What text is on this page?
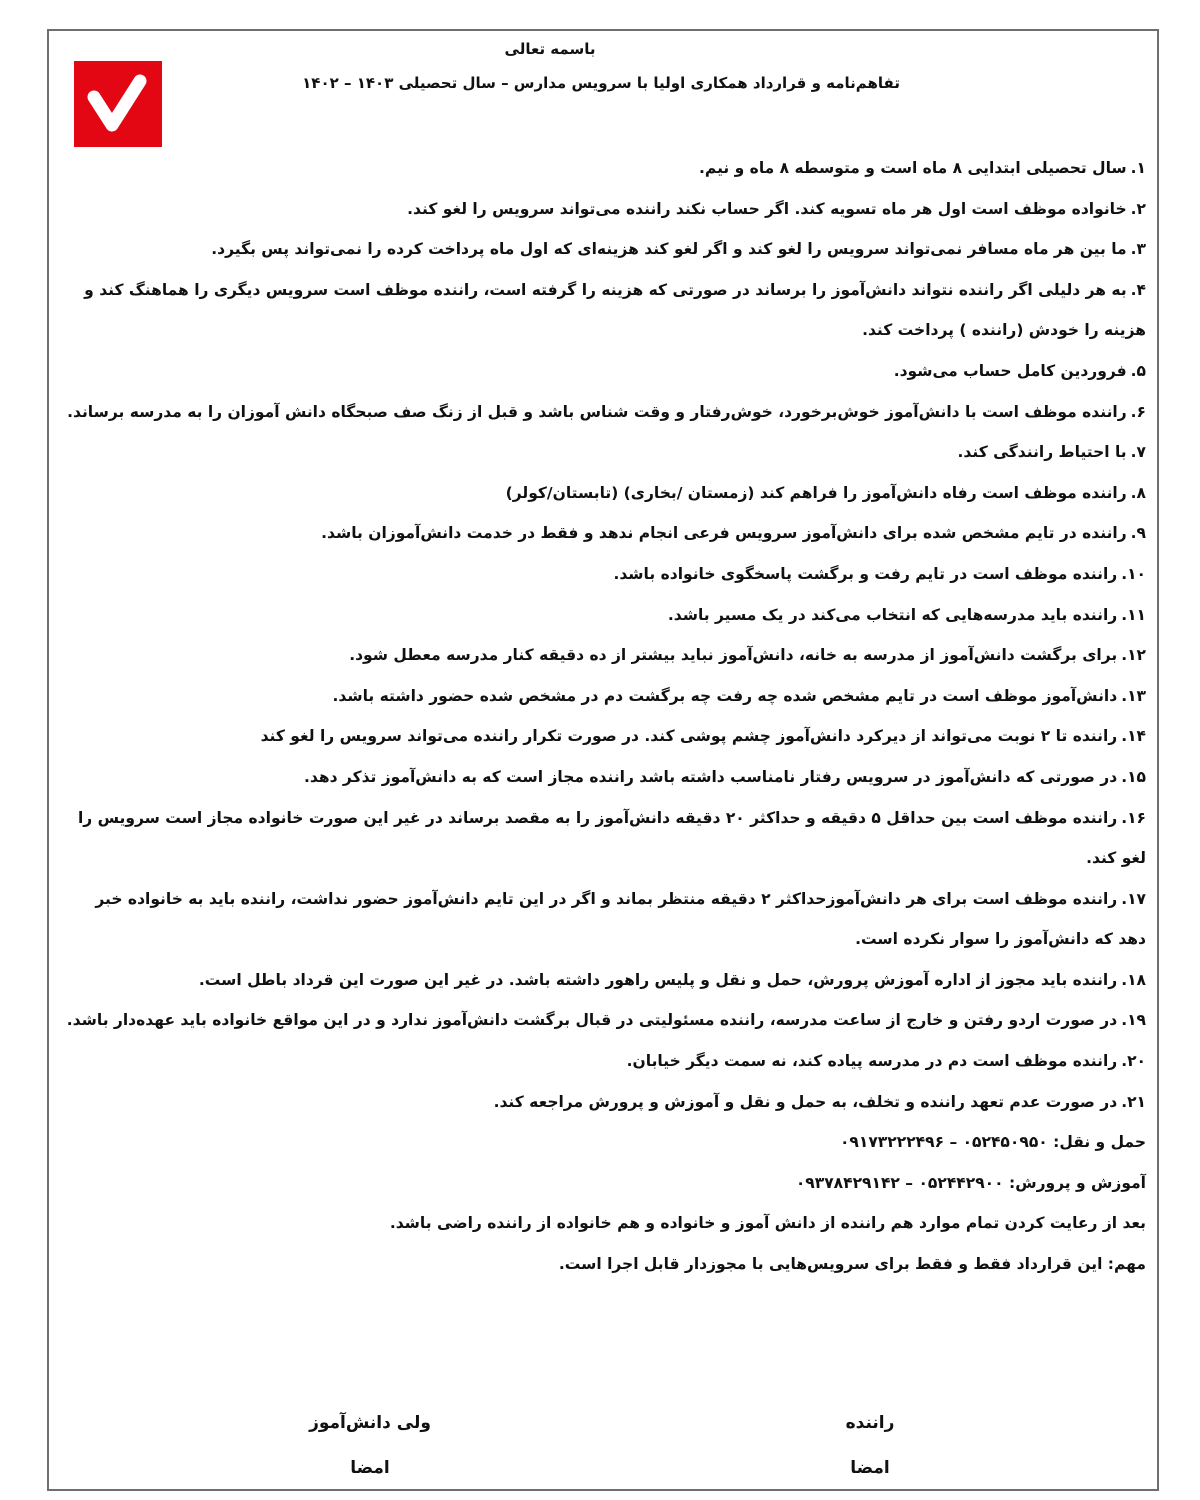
باسمه تعالی
تفاهم‌نامه و قرارداد همکاری اولیا با سرویس مدارس – سال تحصیلی ۱۴۰۳ – ۱۴۰۲

۱.سال تحصیلی ابتدایی ۸ ماه است و متوسطه ۸ ماه و نیم.

۲.خانواده موظف است اول هر ماه تسویه کند. اگر حساب نکند راننده می‌تواند سرویس را لغو کند.

۳.ما بین هر ماه مسافر نمی‌تواند سرویس را لغو کند و اگر لغو کند هزینه‌ای که اول ماه پرداخت کرده را نمی‌تواند پس بگیرد.

۴.به هر دلیلی اگر راننده نتواند دانش‌آموز را برساند در صورتی که هزینه را گرفته است، راننده موظف است سرویس دیگری را هماهنگ کند و هزینه را خودش (راننده ) پرداخت کند.

۵.فروردین کامل حساب می‌شود.

۶.راننده موظف است با دانش‌آموز خوش‌برخورد، خوش‌رفتار و وقت شناس باشد و قبل از زنگ صف صبحگاه دانش آموزان را به مدرسه برساند.

۷.با احتیاط رانندگی کند.

۸.راننده موظف است رفاه دانش‌آموز را فراهم کند (زمستان /بخاری) (تابستان/کولر)

۹.راننده در تایم مشخص شده برای دانش‌آموز سرویس فرعی انجام ندهد و فقط در خدمت دانش‌آموزان باشد.

۱۰.راننده موظف است در تایم رفت و برگشت پاسخگوی خانواده باشد.

۱۱.راننده باید مدرسه‌هایی که انتخاب می‌کند در یک مسیر باشد.

۱۲.برای برگشت دانش‌آموز از مدرسه به خانه، دانش‌آموز نباید بیشتر از ده دقیقه کنار مدرسه معطل شود.

۱۳.دانش‌آموز موظف است در تایم مشخص شده چه رفت چه برگشت دم در مشخص شده حضور داشته باشد.

۱۴.راننده تا ۲ نوبت می‌تواند از دیرکرد دانش‌آموز چشم پوشی کند. در صورت تکرار راننده می‌تواند سرویس را لغو کند

۱۵.در صورتی که دانش‌آموز در سرویس رفتار نامناسب داشته باشد راننده مجاز است که به دانش‌آموز تذکر دهد.

۱۶.راننده موظف است بین حداقل ۵ دقیقه و حداکثر ۲۰ دقیقه دانش‌آموز را به مقصد برساند در غیر این صورت خانواده مجاز است سرویس را لغو کند.

۱۷.راننده موظف است برای هر دانش‌آموزحداکثر ۲ دقیقه منتظر بماند و اگر در این تایم دانش‌آموز حضور نداشت، راننده باید به خانواده خبر دهد که دانش‌آموز را سوار نکرده است.

۱۸.راننده باید مجوز از اداره آموزش پرورش، حمل و نقل و پلیس راهور داشته باشد. در غیر این صورت این قرداد باطل است.

۱۹.در صورت اردو رفتن و خارج از ساعت مدرسه، راننده مسئولیتی در قبال برگشت دانش‌آموز ندارد و در این مواقع خانواده باید عهده‌دار باشد.

۲۰.راننده موظف است دم در مدرسه پیاده کند، نه سمت دیگر خیابان.

۲۱.در صورت عدم تعهد راننده و تخلف، به حمل و نقل و آموزش و پرورش مراجعه کند.

حمل و نقل: ۰۵۲۴۵۰۹۵۰ – ۰۹۱۷۳۲۲۲۴۹۶

آموزش و پرورش: ۰۵۲۴۴۲۹۰۰ – ۰۹۳۷۸۴۲۹۱۴۲

بعد از رعایت کردن تمام موارد هم راننده از دانش آموز و خانواده و هم خانواده از راننده راضی باشد.

مهم: این قرارداد فقط و فقط برای سرویس‌هایی با مجوزدار قابل اجرا است.

راننده
امضا
ولی دانش‌آموز
امضا
